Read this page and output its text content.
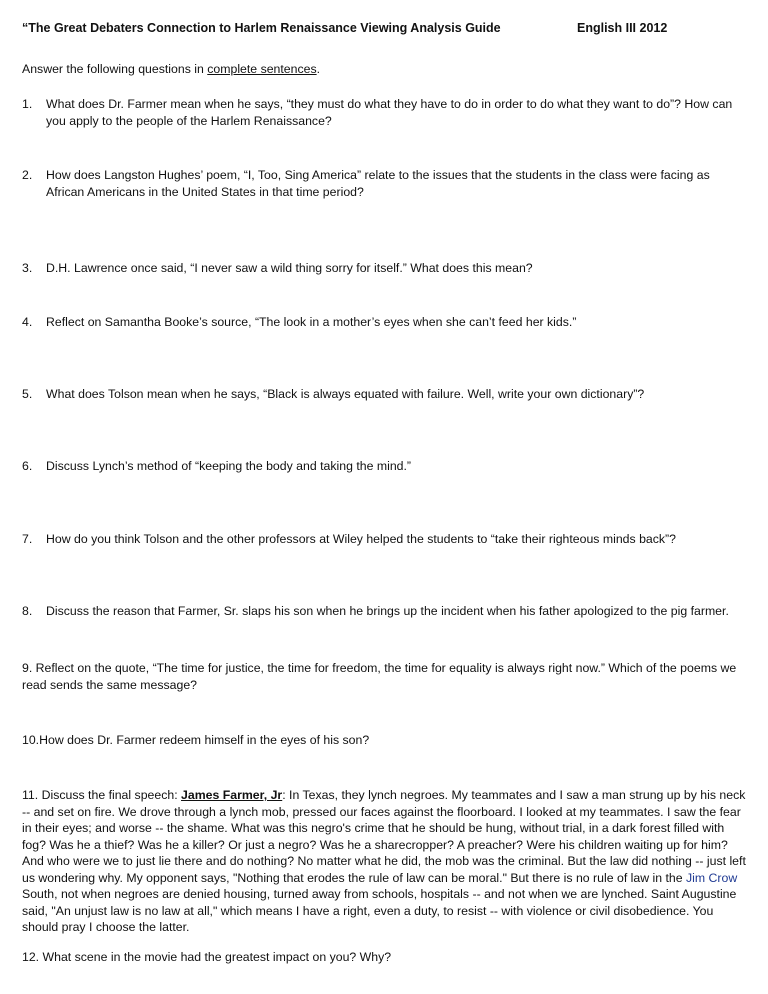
“The Great Debaters Connection to Harlem Renaissance Viewing Analysis Guide	English III 2012
Answer the following questions in complete sentences.
1. What does Dr. Farmer mean when he says, “they must do what they have to do in order to do what they want to do”? How can you apply to the people of the Harlem Renaissance?
2. How does Langston Hughes’ poem, “I, Too, Sing America” relate to the issues that the students in the class were facing as African Americans in the United States in that time period?
3. D.H. Lawrence once said, “I never saw a wild thing sorry for itself.” What does this mean?
4. Reflect on Samantha Booke’s source, “The look in a mother’s eyes when she can’t feed her kids.”
5. What does Tolson mean when he says, “Black is always equated with failure. Well, write your own dictionary”?
6. Discuss Lynch’s method of “keeping the body and taking the mind.”
7. How do you think Tolson and the other professors at Wiley helped the students to “take their righteous minds back”?
8. Discuss the reason that Farmer, Sr. slaps his son when he brings up the incident when his father apologized to the pig farmer.
9. Reflect on the quote, “The time for justice, the time for freedom, the time for equality is always right now.” Which of the poems we read sends the same message?
10.How does Dr. Farmer redeem himself in the eyes of his son?
11. Discuss the final speech: James Farmer, Jr: In Texas, they lynch negroes. My teammates and I saw a man strung up by his neck -- and set on fire. We drove through a lynch mob, pressed our faces against the floorboard. I looked at my teammates. I saw the fear in their eyes; and worse -- the shame. What was this negro's crime that he should be hung, without trial, in a dark forest filled with fog? Was he a thief? Was he a killer? Or just a negro? Was he a sharecropper? A preacher? Were his children waiting up for him? And who were we to just lie there and do nothing? No matter what he did, the mob was the criminal. But the law did nothing -- just left us wondering why. My opponent says, "Nothing that erodes the rule of law can be moral." But there is no rule of law in the Jim Crow South, not when negroes are denied housing, turned away from schools, hospitals -- and not when we are lynched. Saint Augustine said, "An unjust law is no law at all," which means I have a right, even a duty, to resist -- with violence or civil disobedience. You should pray I choose the latter.
12. What scene in the movie had the greatest impact on you? Why?
